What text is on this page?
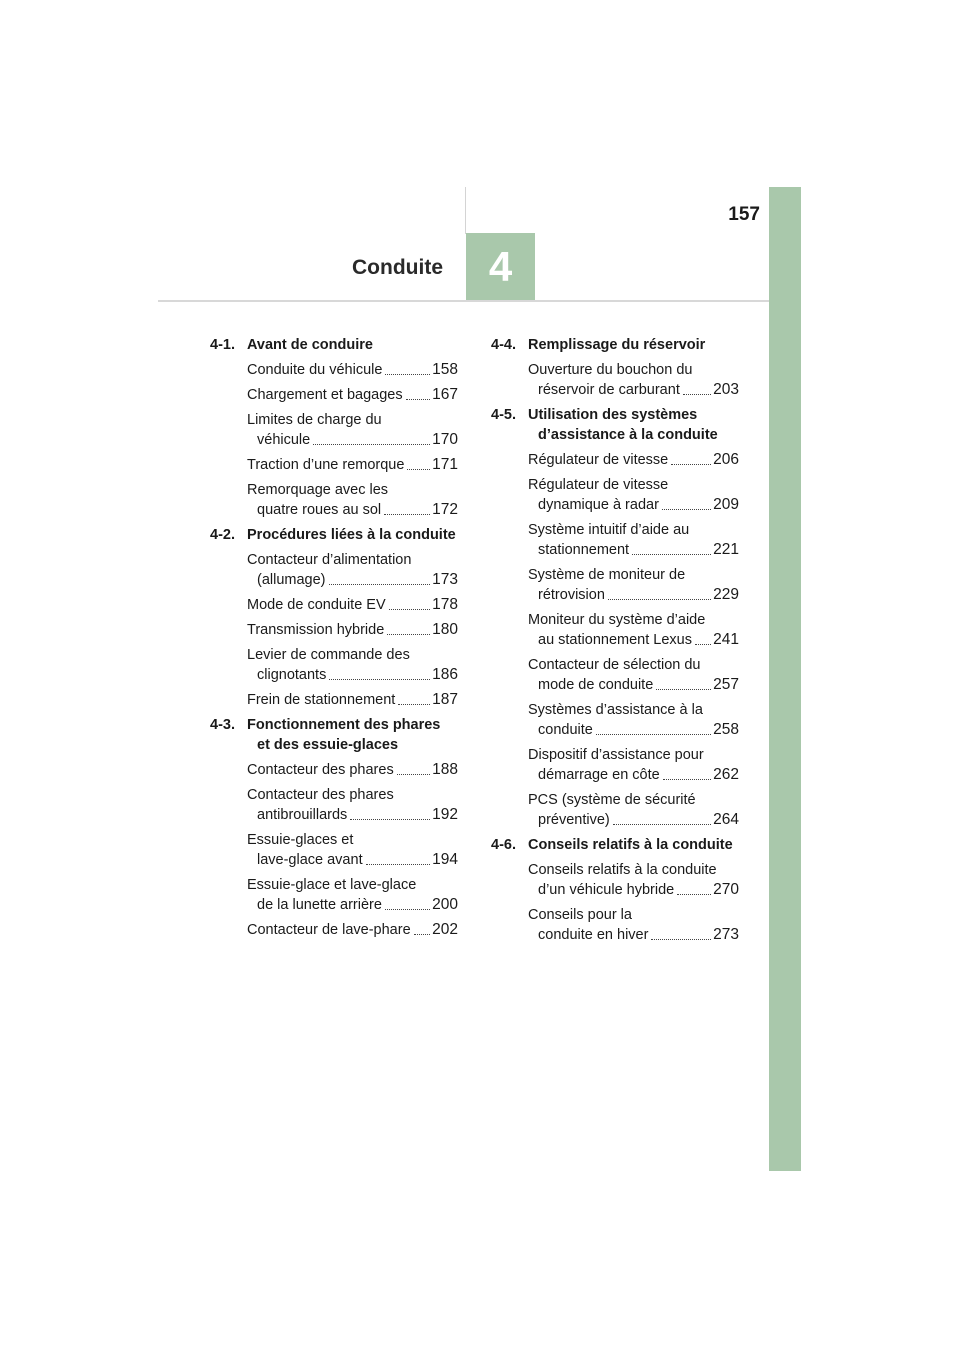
157
Conduite 4
4-1. Avant de conduire
Conduite du véhicule	158
Chargement et bagages 167
Limites de charge du
véhicule	170
Traction d’une remorque 171
Remorquage avec les
quatre roues au sol	172
4-2. Procédures liées à la conduite
Contacteur d’alimentation
(allumage)	173
Mode de conduite EV	178
Transmission hybride	180
Levier de commande des
clignotants	186
Frein de stationnement 187
4-3. Fonctionnement des phares
et des essuie-glaces
Contacteur des phares 188
Contacteur des phares
antibrouillards	192
Essuie-glaces et
lave-glace avant	194
Essuie-glace et lave-glace
de la lunette arrière	200
Contacteur de lave-phare 202
4-4. Remplissage du réservoir
Ouverture du bouchon du
réservoir de carburant 203
4-5. Utilisation des systèmes
d’assistance à la conduite
Régulateur de vitesse	206
Régulateur de vitesse
dynamique à radar	209
Système intuitif d’aide au
stationnement	221
Système de moniteur de
rétrovision	229
Moniteur du système d’aide
au stationnement Lexus 241
Contacteur de sélection du
mode de conduite	257
Systèmes d’assistance à la
conduite	258
Dispositif d’assistance pour
démarrage en côte	262
PCS (système de sécurité
préventive)	264
4-6. Conseils relatifs à la conduite
Conseils relatifs à la conduite
d’un véhicule hybride	270
Conseils pour la
conduite en hiver	273
